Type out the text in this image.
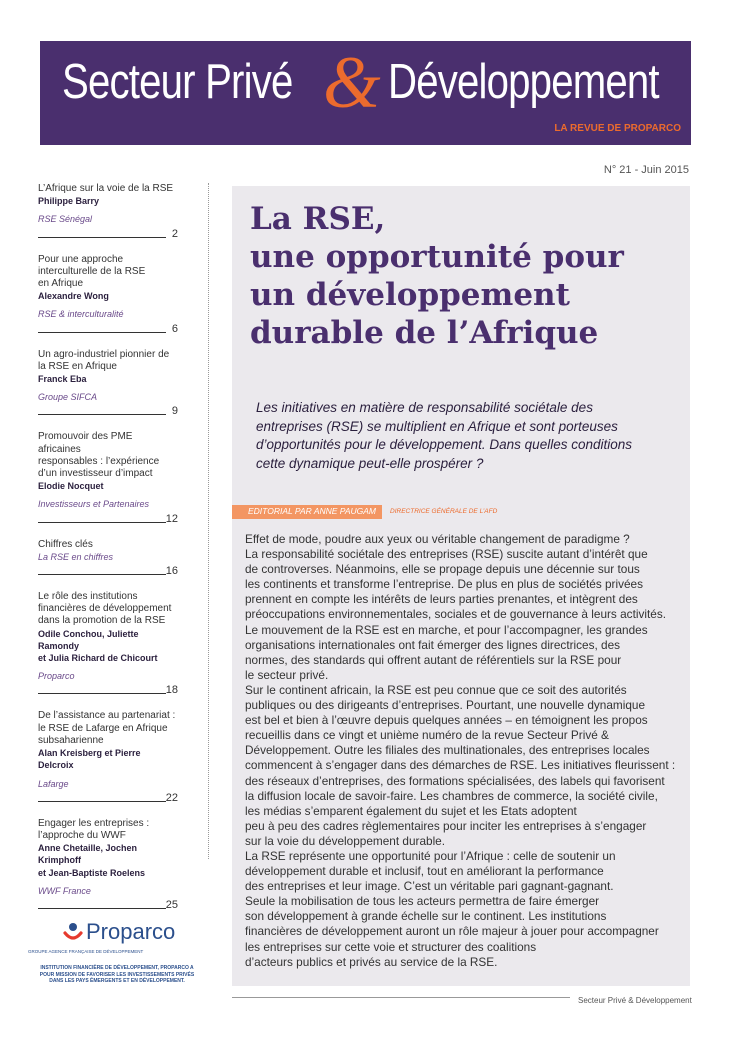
Secteur Privé & Développement
LA REVUE DE PROPARCO
N° 21 - Juin 2015
L’Afrique sur la voie de la RSE
Philippe Barry
RSE Sénégal
2
Pour une approche
interculturelle de la RSE
en Afrique
Alexandre Wong
RSE & interculturalité
6
Un agro-industriel pionnier de
la RSE en Afrique
Franck Eba
Groupe SIFCA
9
Promouvoir des PME africaines
responsables : l’expérience
d’un investisseur d’impact
Elodie Nocquet
Investisseurs et Partenaires
12
Chiffres clés
La RSE en chiffres
16
Le rôle des institutions
financières de développement
dans la promotion de la RSE
Odile Conchou, Juliette Ramondy
et Julia Richard de Chicourt
Proparco
18
De l’assistance au partenariat :
le RSE de Lafarge en Afrique
subsaharienne
Alan Kreisberg et Pierre Delcroix
Lafarge
22
Engager les entreprises :
l’approche du WWF
Anne Chetaille, Jochen Krimphoff
et Jean-Baptiste Roelens
WWF France
25
Proparco
GROUPE AGENCE FRANÇAISE DE DÉVELOPPEMENT
INSTITUTION FINANCIÈRE DE DÉVELOPPEMENT, PROPARCO A POUR MISSION DE FAVORISER LES INVESTISSEMENTS PRIVÉS DANS LES PAYS ÉMERGENTS ET EN DÉVELOPPEMENT.
La RSE,
une opportunité pour
un développement
durable de l’Afrique
Les initiatives en matière de responsabilité sociétale des entreprises (RSE) se multiplient en Afrique et sont porteuses d’opportunités pour le développement. Dans quelles conditions cette dynamique peut-elle prospérer ?
EDITORIAL PAR ANNE PAUGAM DIRECTRICE GÉNÉRALE DE L’AFD
Effet de mode, poudre aux yeux ou véritable changement de paradigme ?
La responsabilité sociétale des entreprises (RSE) suscite autant d’intérêt que
de controverses. Néanmoins, elle se propage depuis une décennie sur tous
les continents et transforme l’entreprise. De plus en plus de sociétés privées
prennent en compte les intérêts de leurs parties prenantes, et intègrent des
préoccupations environnementales, sociales et de gouvernance à leurs activités.
Le mouvement de la RSE est en marche, et pour l’accompagner, les grandes
organisations internationales ont fait émerger des lignes directrices, des
normes, des standards qui offrent autant de référentiels sur la RSE pour
le secteur privé.
Sur le continent africain, la RSE est peu connue que ce soit des autorités
publiques ou des dirigeants d’entreprises. Pourtant, une nouvelle dynamique
est bel et bien à l’œuvre depuis quelques années – en témoignent les propos
recueillis dans ce vingt et unième numéro de la revue Secteur Privé &
Développement. Outre les filiales des multinationales, des entreprises locales
commencent à s’engager dans des démarches de RSE. Les initiatives fleurissent :
des réseaux d’entreprises, des formations spécialisées, des labels qui favorisent
la diffusion locale de savoir-faire. Les chambres de commerce, la société civile,
les médias s’emparent également du sujet et les Etats adoptent
peu à peu des cadres règlementaires pour inciter les entreprises à s’engager
sur la voie du développement durable.
La RSE représente une opportunité pour l’Afrique : celle de soutenir un
développement durable et inclusif, tout en améliorant la performance
des entreprises et leur image. C’est un véritable pari gagnant-gagnant.
Seule la mobilisation de tous les acteurs permettra de faire émerger
son développement à grande échelle sur le continent. Les institutions
financières de développement auront un rôle majeur à jouer pour accompagner
les entreprises sur cette voie et structurer des coalitions
d’acteurs publics et privés au service de la RSE.
Secteur Privé & Développement
